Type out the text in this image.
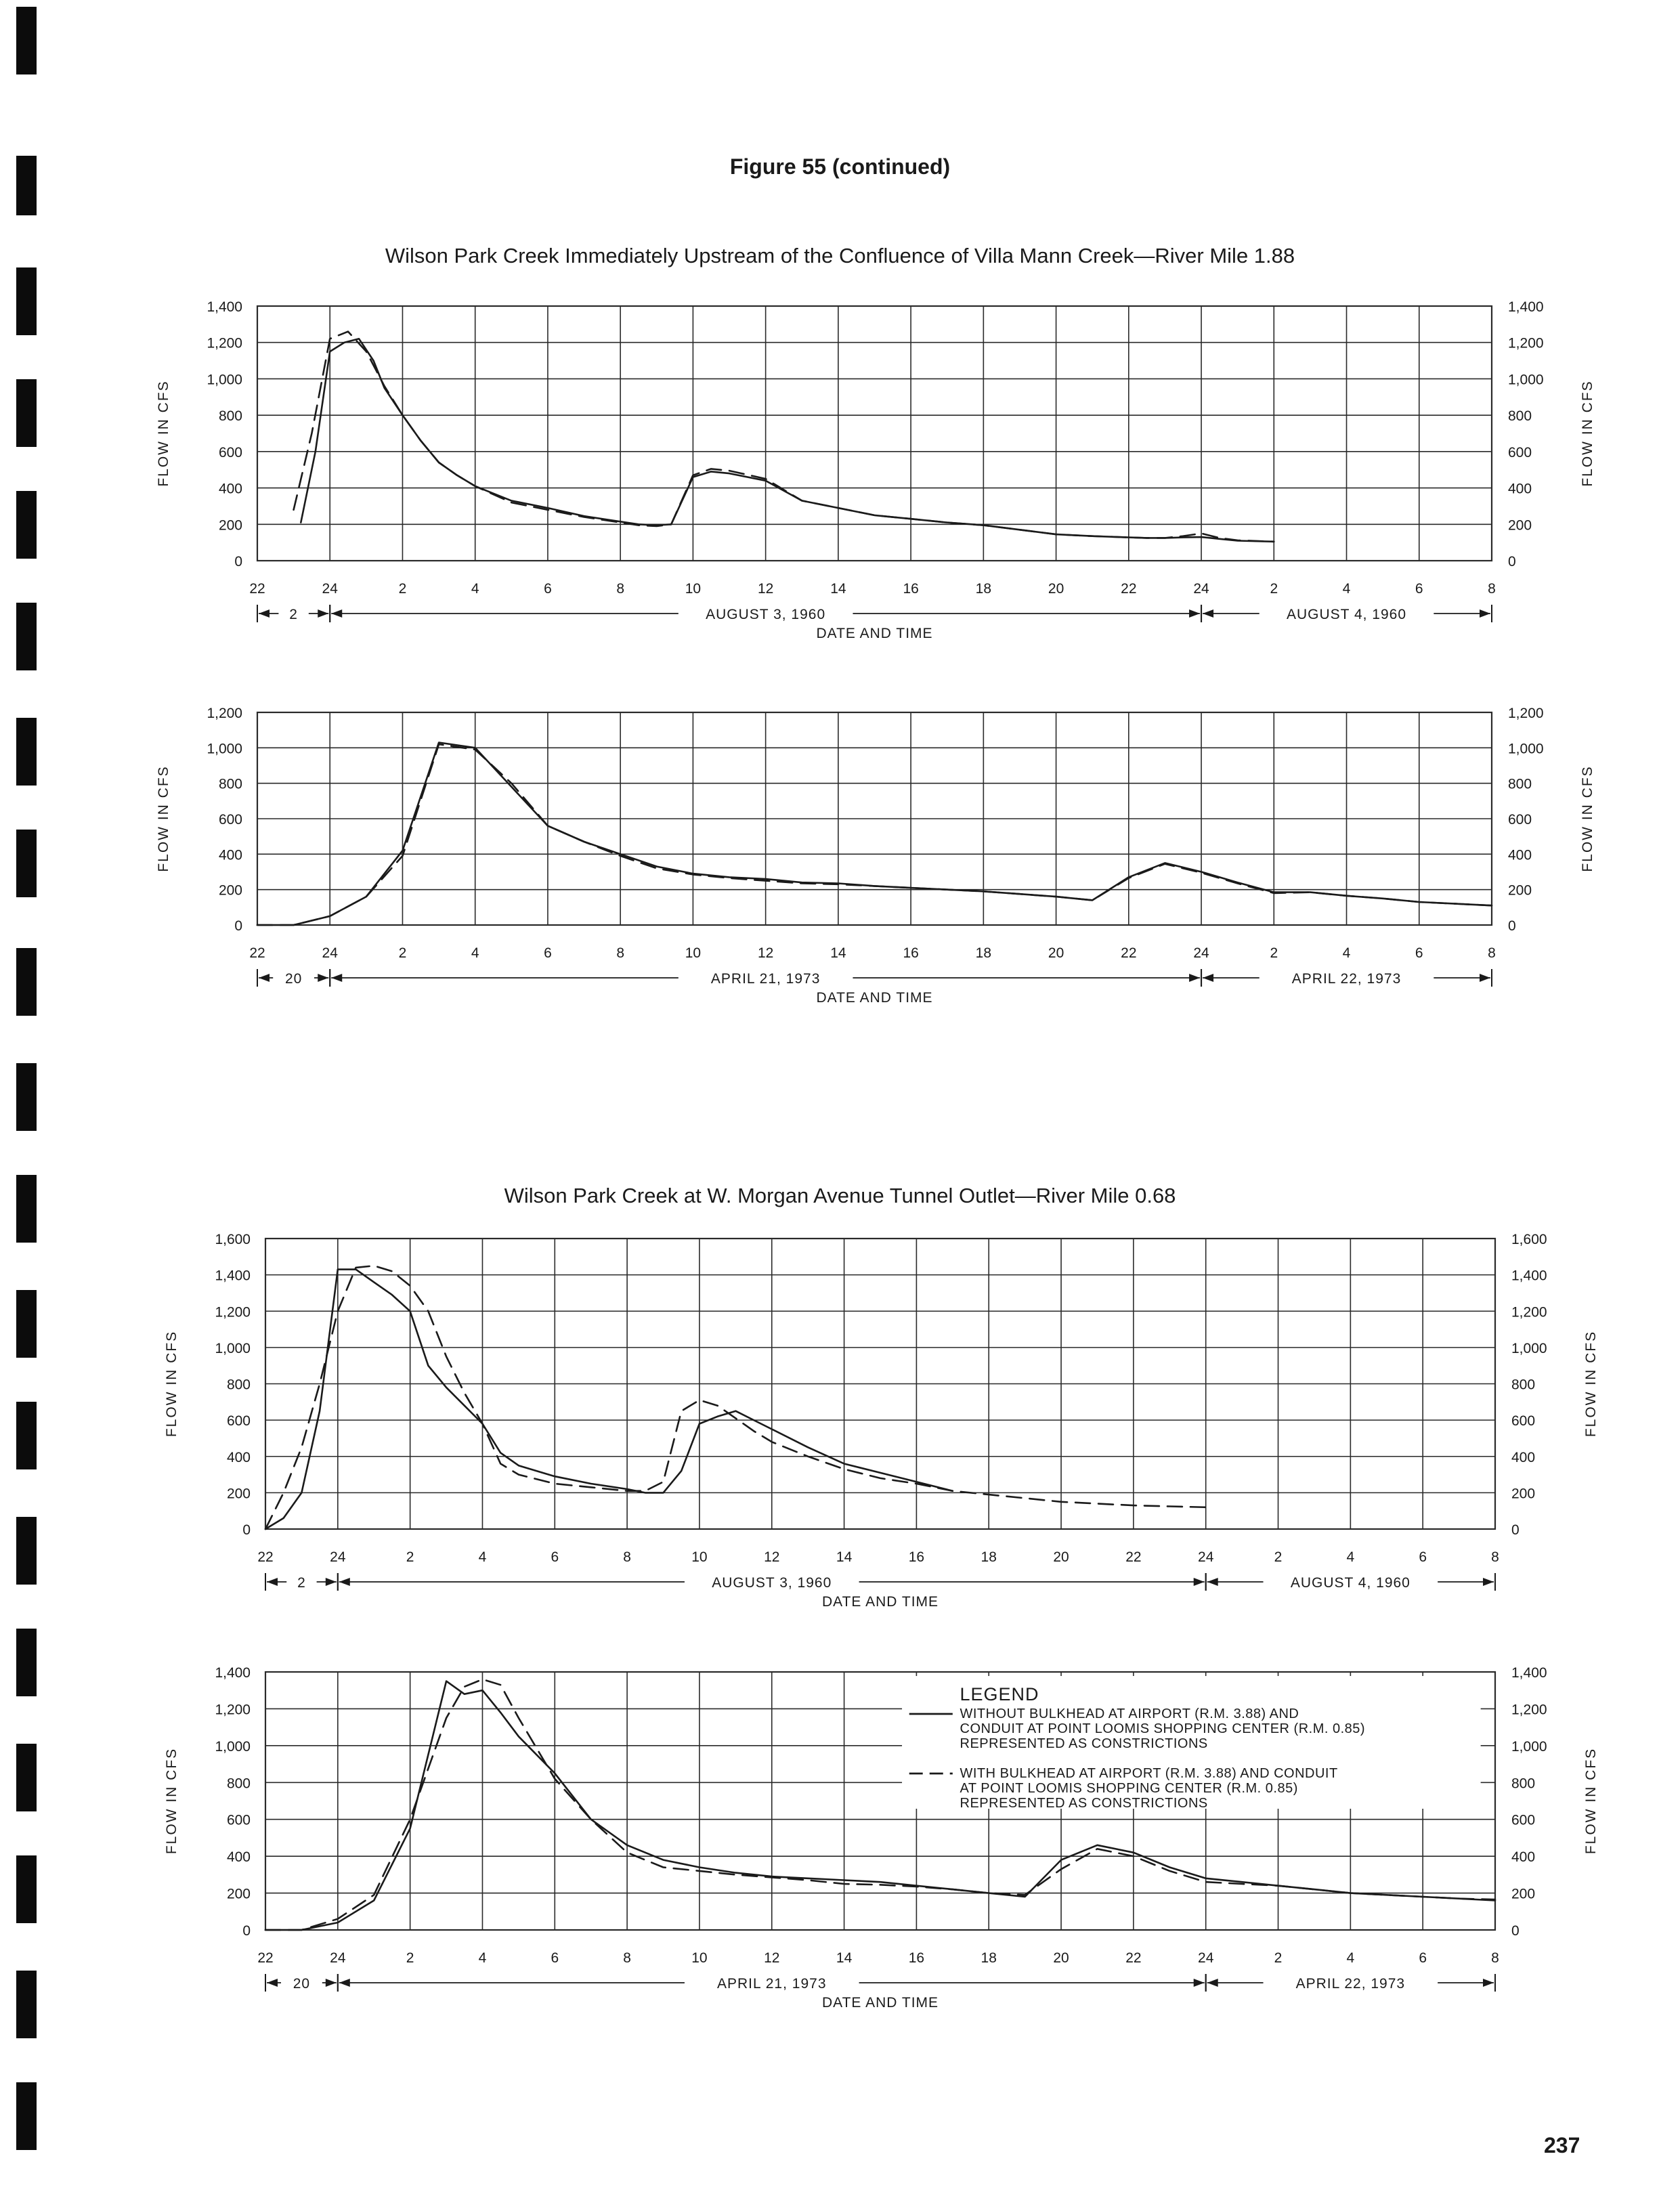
Figure 55 (continued)
Wilson Park Creek Immediately Upstream of the Confluence of Villa Mann Creek—River Mile 1.88
Wilson Park Creek at W. Morgan Avenue Tunnel Outlet—River Mile 0.68
22	24	2	4	6	8	10	12	14	16	18	20	22	24	2	4	6	8
0	0
200	200
400	400
600	600
800	800
1,000	1,000
1,200	1,200
1,400	1,400
FLOW IN CFS	FLOW IN CFS
2	AUGUST 3, 1960	AUGUST 4, 1960
DATE AND TIME
22	24	2	4	6	8	10	12	14	16	18	20	22	24	2	4	6	8
0	0
200	200
400	400
600	600
800	800
1,000	1,000
1,200	1,200
FLOW IN CFS	FLOW IN CFS
20	APRIL 21, 1973	APRIL 22, 1973
DATE AND TIME
22	24	2	4	6	8	10	12	14	16	18	20	22	24	2	4	6	8
0	0
200	200
400	400
600	600
800	800
1,000	1,000
1,200	1,200
1,400	1,400
1,600	1,600
FLOW IN CFS	FLOW IN CFS
2	AUGUST 3, 1960	AUGUST 4, 1960
DATE AND TIME
22	24	2	4	6	8	10	12	14	16	18	20	22	24	2	4	6	8
0	0
200	200
400	400
600	600
800	800
1,000	1,000
1,200	1,200
1,400	1,400
FLOW IN CFS	FLOW IN CFS
20	APRIL 21, 1973	APRIL 22, 1973
DATE AND TIME
LEGEND
WITHOUT BULKHEAD AT AIRPORT (R.M. 3.88) AND
CONDUIT AT POINT LOOMIS SHOPPING CENTER (R.M. 0.85)
REPRESENTED AS CONSTRICTIONS
WITH BULKHEAD AT AIRPORT (R.M. 3.88) AND CONDUIT
AT POINT LOOMIS SHOPPING CENTER (R.M. 0.85)
REPRESENTED AS CONSTRICTIONS
237
